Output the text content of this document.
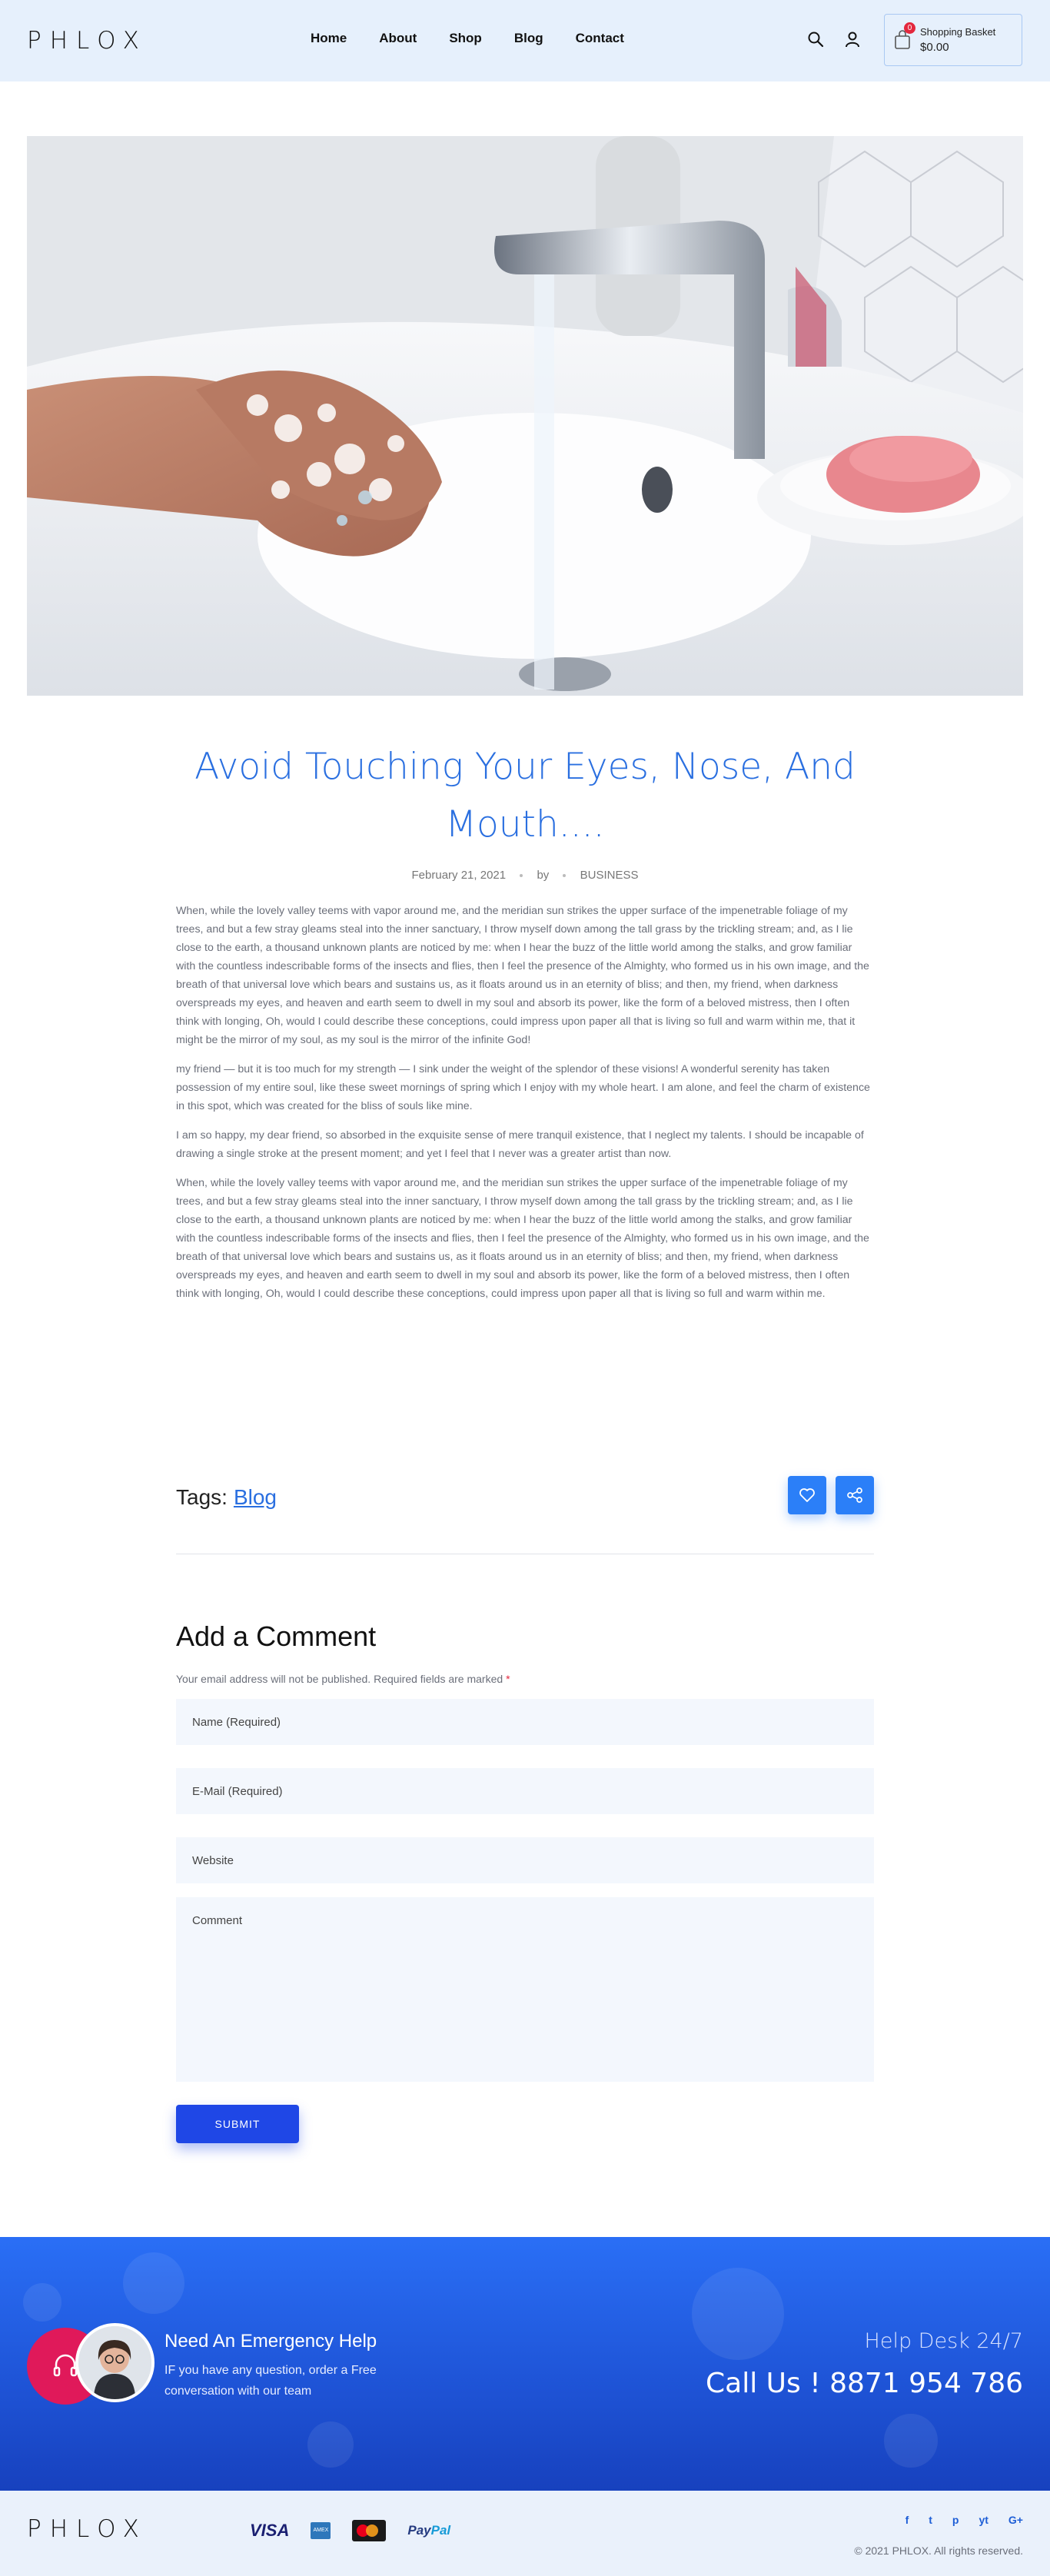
PHLOX	Home About Shop Blog Contact
0 Shopping Basket
$0.00
Avoid Touching Your Eyes, Nose, And Mouth....
February 21, 2021	by	BUSINESS

When, while the lovely valley teems with vapor around me, and the meridian sun strikes the upper surface of the impenetrable foliage of my trees, and but a few stray gleams steal into the inner sanctuary, I throw myself down among the tall grass by the trickling stream; and, as I lie close to the earth, a thousand unknown plants are noticed by me: when I hear the buzz of the little world among the stalks, and grow familiar with the countless indescribable forms of the insects and flies, then I feel the presence of the Almighty, who formed us in his own image, and the breath of that universal love which bears and sustains us, as it floats around us in an eternity of bliss; and then, my friend, when darkness overspreads my eyes, and heaven and earth seem to dwell in my soul and absorb its power, like the form of a beloved mistress, then I often think with longing, Oh, would I could describe these conceptions, could impress upon paper all that is living so full and warm within me, that it might be the mirror of my soul, as my soul is the mirror of the infinite God!

my friend — but it is too much for my strength — I sink under the weight of the splendor of these visions! A wonderful serenity has taken possession of my entire soul, like these sweet mornings of spring which I enjoy with my whole heart. I am alone, and feel the charm of existence in this spot, which was created for the bliss of souls like mine.

I am so happy, my dear friend, so absorbed in the exquisite sense of mere tranquil existence, that I neglect my talents. I should be incapable of drawing a single stroke at the present moment; and yet I feel that I never was a greater artist than now.

When, while the lovely valley teems with vapor around me, and the meridian sun strikes the upper surface of the impenetrable foliage of my trees, and but a few stray gleams steal into the inner sanctuary, I throw myself down among the tall grass by the trickling stream; and, as I lie close to the earth, a thousand unknown plants are noticed by me: when I hear the buzz of the little world among the stalks, and grow familiar with the countless indescribable forms of the insects and flies, then I feel the presence of the Almighty, who formed us in his own image, and the breath of that universal love which bears and sustains us, as it floats around us in an eternity of bliss; and then, my friend, when darkness overspreads my eyes, and heaven and earth seem to dwell in my soul and absorb its power, like the form of a beloved mistress, then I often think with longing, Oh, would I could describe these conceptions, could impress upon paper all that is living so full and warm within me.

Tags: Blog
Add a Comment

Your email address will not be published. Required fields are marked *

Name (Required)
E-Mail (Required)
Website
Comment SUBMIT
Need An Emergency Help
IF you have any question, order a Free conversation with our team
Help Desk 24/7
Call Us ! 8871 954 786
PHLOX	VISA	AMEX	PayPal
f t p yt G+
© 2021 PHLOX. All rights reserved.
